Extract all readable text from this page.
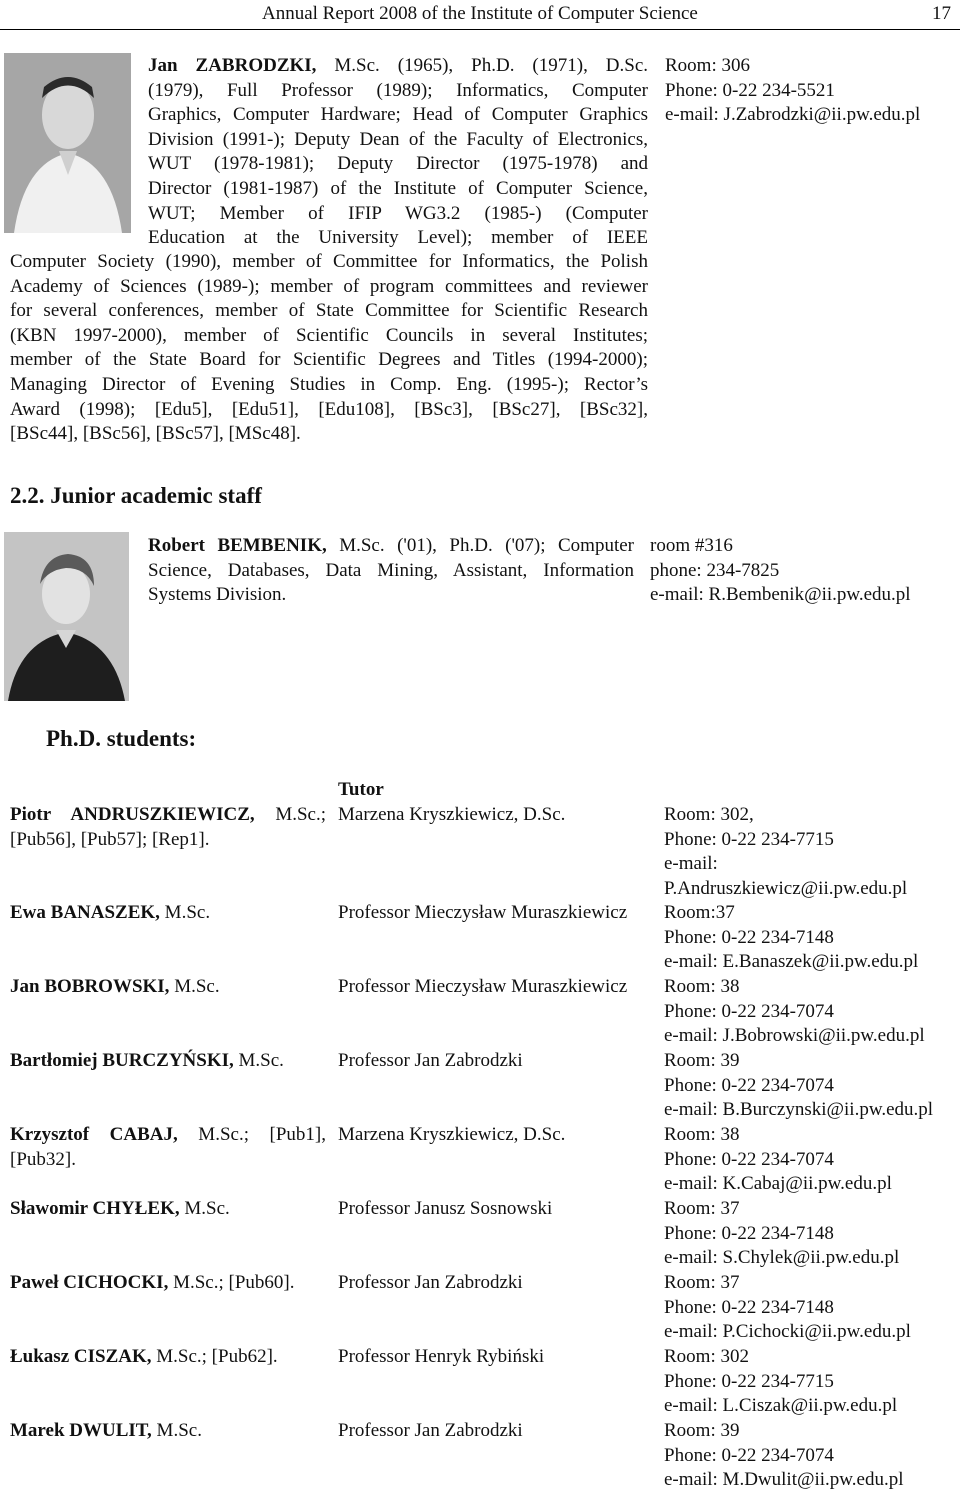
Annual Report 2008 of the Institute of Computer Science	17
Jan ZABRODZKI, M.Sc. (1965), Ph.D. (1971), D.Sc.
(1979), Full Professor (1989); Informatics, Computer
Graphics, Computer Hardware; Head of Computer Graphics
Division (1991-); Deputy Dean of the Faculty of Electronics,
WUT (1978-1981); Deputy Director (1975-1978) and
Director (1981-1987) of the Institute of Computer Science,
WUT; Member of IFIP WG3.2 (1985-) (Computer
Education at the University Level); member of IEEE
Computer Society (1990), member of Committee for Informatics, the Polish
Academy of Sciences (1989-); member of program committees and reviewer
for several conferences, member of State Committee for Scientific Research
(KBN 1997-2000), member of Scientific Councils in several Institutes;
member of the State Board for Scientific Degrees and Titles (1994-2000);
Managing Director of Evening Studies in Comp. Eng. (1995-); Rector’s
Award (1998); [Edu5], [Edu51], [Edu108], [BSc3], [BSc27], [BSc32],
[BSc44], [BSc56], [BSc57], [MSc48].
Room: 306
Phone: 0-22 234-5521
e-mail: J.Zabrodzki@ii.pw.edu.pl
2.2. Junior academic staff
Robert BEMBENIK, M.Sc. ('01), Ph.D. ('07); Computer
Science, Databases, Data Mining, Assistant, Information
Systems Division.
room #316
phone: 234-7825
e-mail: R.Bembenik@ii.pw.edu.pl
Ph.D. students:
Tutor
Piotr ANDRUSZKIEWICZ, M.Sc.;
[Pub56], [Pub57]; [Rep1].
Marzena Kryszkiewicz, D.Sc.	Room: 302,
Phone: 0-22 234-7715
e-mail:
P.Andruszkiewicz@ii.pw.edu.pl
Ewa BANASZEK, M.Sc.	Professor Mieczysław Muraszkiewicz Room:37
Phone: 0-22 234-7148
e-mail: E.Banaszek@ii.pw.edu.pl
Jan BOBROWSKI, M.Sc.	Professor Mieczysław Muraszkiewicz Room: 38
Phone: 0-22 234-7074
e-mail: J.Bobrowski@ii.pw.edu.pl
Bartłomiej BURCZYŃSKI, M.Sc.	Professor Jan Zabrodzki	Room: 39
Phone: 0-22 234-7074
e-mail: B.Burczynski@ii.pw.edu.pl
Krzysztof CABAJ, M.Sc.; [Pub1],
[Pub32].
Marzena Kryszkiewicz, D.Sc.	Room: 38
Phone: 0-22 234-7074
e-mail: K.Cabaj@ii.pw.edu.pl
Sławomir CHYŁEK, M.Sc.	Professor Janusz Sosnowski	Room: 37
Phone: 0-22 234-7148
e-mail: S.Chylek@ii.pw.edu.pl
Paweł CICHOCKI, M.Sc.; [Pub60].	Professor Jan Zabrodzki	Room: 37
Phone: 0-22 234-7148
e-mail: P.Cichocki@ii.pw.edu.pl
Łukasz CISZAK, M.Sc.; [Pub62].	Professor Henryk Rybiński	Room: 302
Phone: 0-22 234-7715
e-mail: L.Ciszak@ii.pw.edu.pl
Marek DWULIT, M.Sc.	Professor Jan Zabrodzki	Room: 39
Phone: 0-22 234-7074
e-mail: M.Dwulit@ii.pw.edu.pl
